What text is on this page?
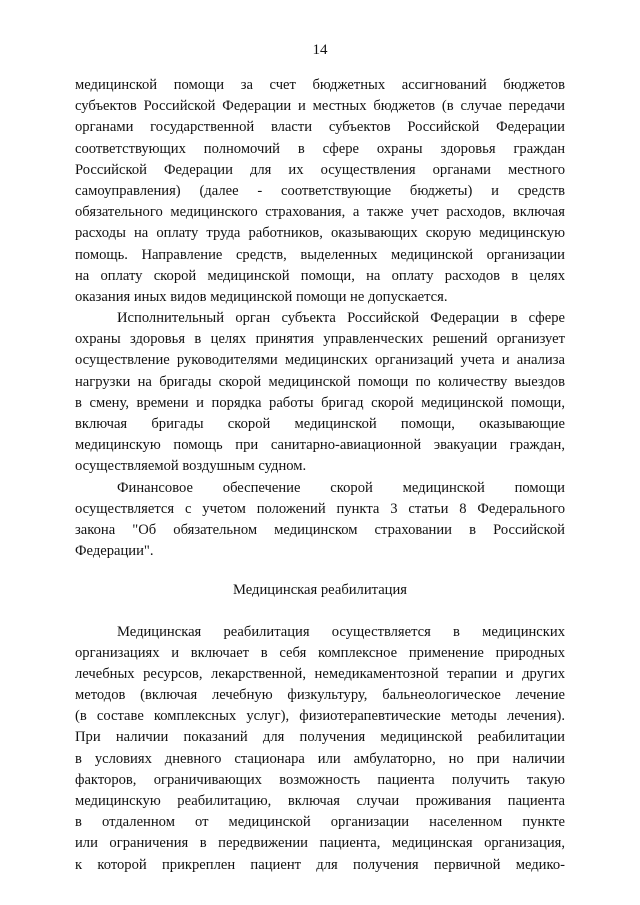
14
медицинской помощи за счет бюджетных ассигнований бюджетов
субъектов Российской Федерации и местных бюджетов (в случае передачи
органами государственной власти субъектов Российской Федерации
соответствующих полномочий в сфере охраны здоровья граждан
Российской Федерации для их осуществления органами местного
самоуправления) (далее - соответствующие бюджеты) и средств
обязательного медицинского страхования, а также учет расходов, включая
расходы на оплату труда работников, оказывающих скорую медицинскую
помощь. Направление средств, выделенных медицинской организации
на оплату скорой медицинской помощи, на оплату расходов в целях
оказания иных видов медицинской помощи не допускается.
Исполнительный орган субъекта Российской Федерации в сфере
охраны здоровья в целях принятия управленческих решений организует
осуществление руководителями медицинских организаций учета и анализа
нагрузки на бригады скорой медицинской помощи по количеству выездов
в смену, времени и порядка работы бригад скорой медицинской помощи,
включая бригады скорой медицинской помощи, оказывающие
медицинскую помощь при санитарно-авиационной эвакуации граждан,
осуществляемой воздушным судном.
Финансовое обеспечение скорой медицинской помощи
осуществляется с учетом положений пункта 3 статьи 8 Федерального
закона "Об обязательном медицинском страховании в Российской
Федерации".
Медицинская реабилитация
Медицинская реабилитация осуществляется в медицинских
организациях и включает в себя комплексное применение природных
лечебных ресурсов, лекарственной, немедикаментозной терапии и других
методов (включая лечебную физкультуру, бальнеологическое лечение
(в составе комплексных услуг), физиотерапевтические методы лечения).
При наличии показаний для получения медицинской реабилитации
в условиях дневного стационара или амбулаторно, но при наличии
факторов, ограничивающих возможность пациента получить такую
медицинскую реабилитацию, включая случаи проживания пациента
в отдаленном от медицинской организации населенном пункте
или ограничения в передвижении пациента, медицинская организация,
к которой прикреплен пациент для получения первичной медико-
